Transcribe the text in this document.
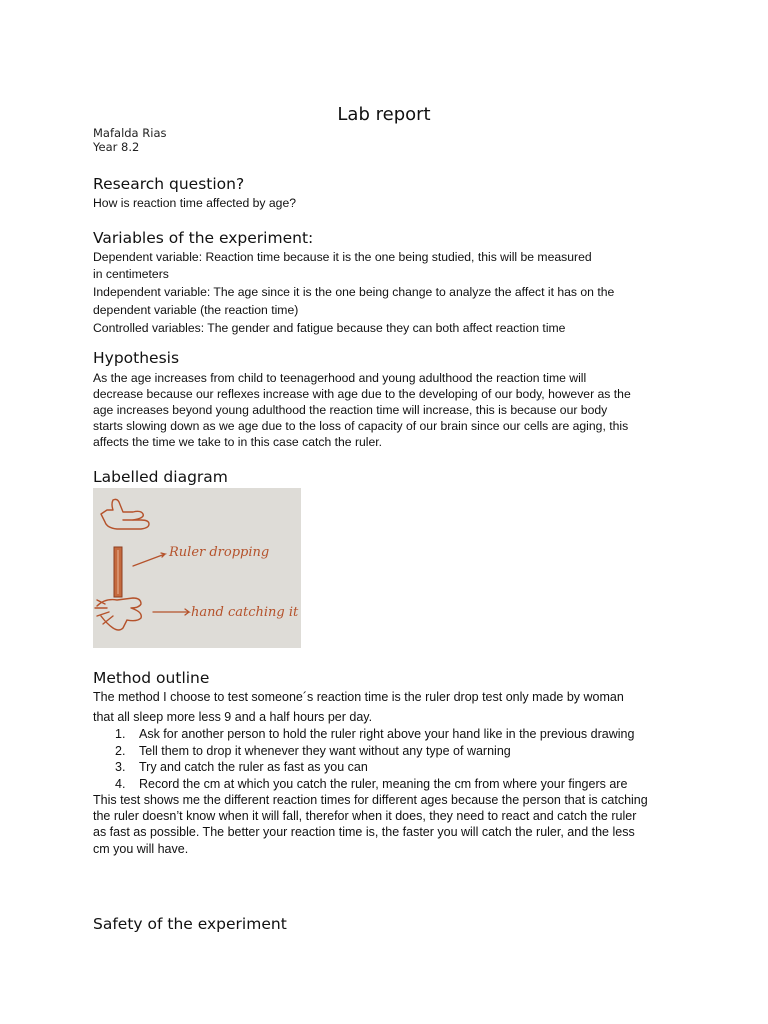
Lab report
Mafalda Rias
Year 8.2
Research question?
How is reaction time affected by age?
Variables of the experiment:
Dependent variable: Reaction time because it is the one being studied, this will be measured
in centimeters
Independent variable: The age since it is the one being change to analyze the affect it has on the
dependent variable (the reaction time)
Controlled variables: The gender and fatigue because they can both affect reaction time
Hypothesis
As the age increases from child to teenagerhood and young adulthood the reaction time will
decrease because our reflexes increase with age due to the developing of our body, however as the
age increases beyond young adulthood the reaction time will increase, this is because our body
starts slowing down as we age due to the loss of capacity of our brain since our cells are aging, this
affects the time we take to in this case catch the ruler.
Labelled diagram
Ruler dropping
hand catching it
Method outline
The method I choose to test someone´s reaction time is the ruler drop test only made by woman
that all sleep more less 9 and a half hours per day.
1. Ask for another person to hold the ruler right above your hand like in the previous drawing
2. Tell them to drop it whenever they want without any type of warning
3. Try and catch the ruler as fast as you can
4. Record the cm at which you catch the ruler, meaning the cm from where your fingers are
This test shows me the different reaction times for different ages because the person that is catching
the ruler doesn’t know when it will fall, therefor when it does, they need to react and catch the ruler
as fast as possible. The better your reaction time is, the faster you will catch the ruler, and the less
cm you will have.
Safety of the experiment
